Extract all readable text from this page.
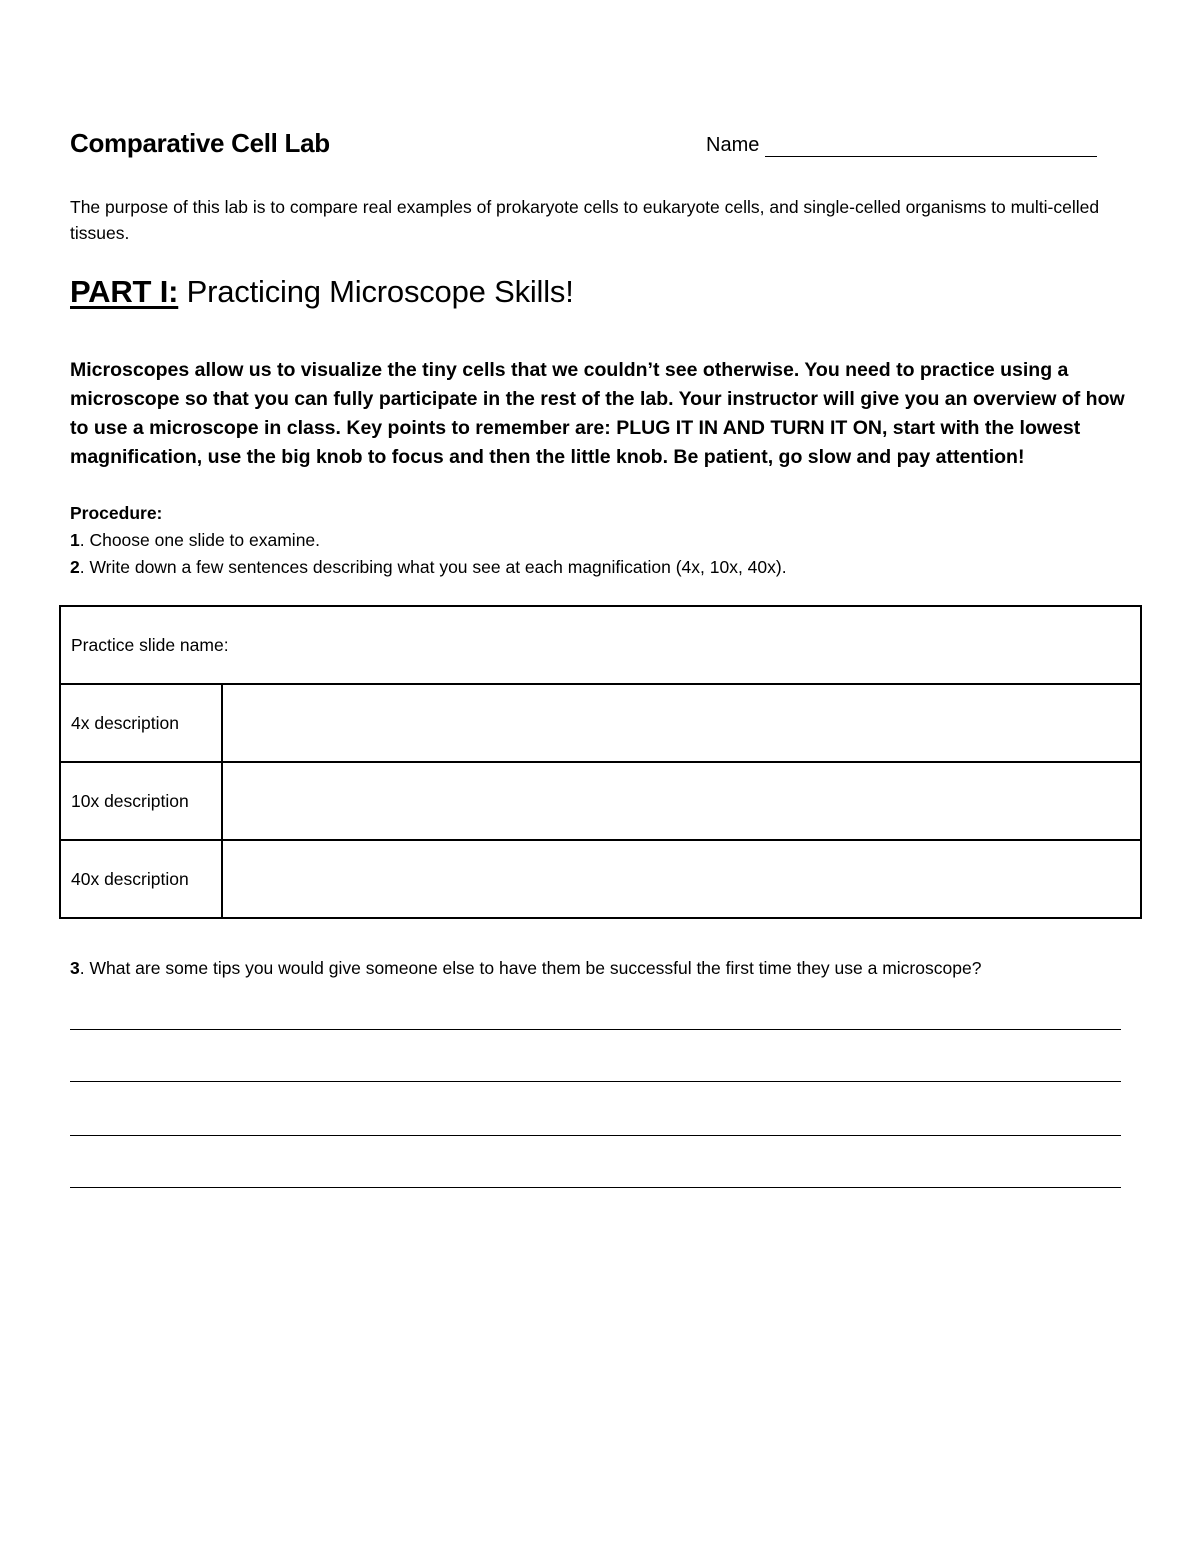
Comparative Cell Lab	Name
The purpose of this lab is to compare real examples of prokaryote cells to eukaryote cells, and single-celled organisms to multi-celled tissues.
PART I: Practicing Microscope Skills!
Microscopes allow us to visualize the tiny cells that we couldn’t see otherwise. You need to practice using a microscope so that you can fully participate in the rest of the lab. Your instructor will give you an overview of how to use a microscope in class. Key points to remember are: PLUG IT IN AND TURN IT ON, start with the lowest magnification, use the big knob to focus and then the little knob. Be patient, go slow and pay attention!
Procedure:
1. Choose one slide to examine.
2. Write down a few sentences describing what you see at each magnification (4x, 10x, 40x).
Practice slide name:	
4x description	
10x description	
40x description	
3. What are some tips you would give someone else to have them be successful the first time they use a microscope?
